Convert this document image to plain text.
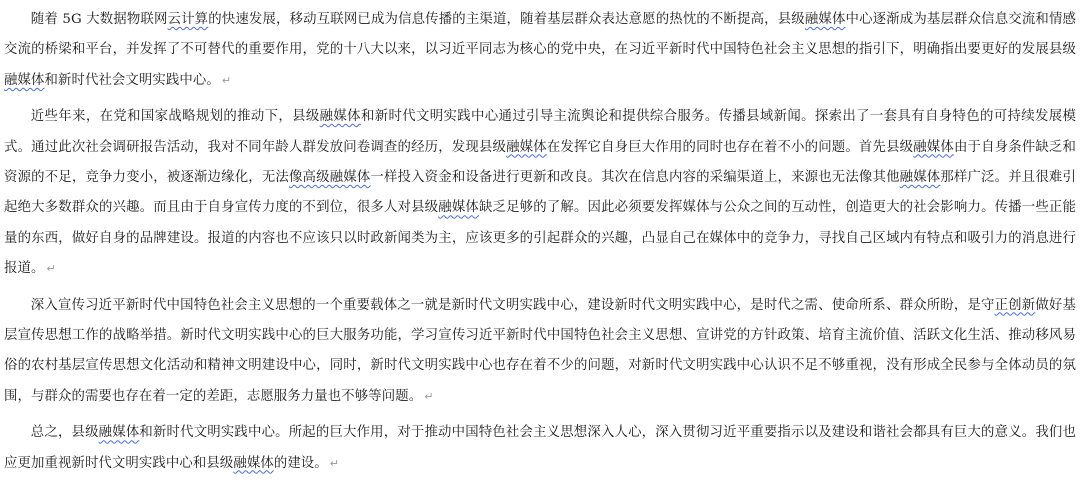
随着 5G 大数据物联网云计算的快速发展，移动互联网已成为信息传播的主渠道，随着基层群众表达意愿的热忱的不断提高，县级融媒体中心逐渐成为基层群众信息交流和情感交流的桥梁和平台，并发挥了不可替代的重要作用，党的十八大以来，以习近平同志为核心的党中央，在习近平新时代中国特色社会主义思想的指引下，明确指出要更好的发展县级融媒体和新时代社会文明实践中心。 ↵

近些年来，在党和国家战略规划的推动下，县级融媒体和新时代文明实践中心通过引导主流舆论和提供综合服务。传播县域新闻。探索出了一套具有自身特色的可持续发展模式。通过此次社会调研报告活动，我对不同年龄人群发放问卷调查的经历，发现县级融媒体在发挥它自身巨大作用的同时也存在着不小的问题。首先县级融媒体由于自身条件缺乏和资源的不足，竞争力变小，被逐渐边缘化，无法像高级融媒体一样投入资金和设备进行更新和改良。其次在信息内容的采编渠道上，来源也无法像其他融媒体那样广泛。并且很难引起绝大多数群众的兴趣。而且由于自身宣传力度的不到位，很多人对县级融媒体缺乏足够的了解。因此必须要发挥媒体与公众之间的互动性，创造更大的社会影响力。传播一些正能量的东西，做好自身的品牌建设。报道的内容也不应该只以时政新闻类为主，应该更多的引起群众的兴趣，凸显自己在媒体中的竞争力，寻找自己区域内有特点和吸引力的消息进行报道。 ↵

深入宣传习近平新时代中国特色社会主义思想的一个重要载体之一就是新时代文明实践中心，建设新时代文明实践中心，是时代之需、使命所系、群众所盼，是守正创新做好基层宣传思想工作的战略举措。新时代文明实践中心的巨大服务功能，学习宣传习近平新时代中国特色社会主义思想、宣讲党的方针政策、培育主流价值、活跃文化生活、推动移风易俗的农村基层宣传思想文化活动和精神文明建设中心，同时，新时代文明实践中心也存在着不少的问题，对新时代文明实践中心认识不足不够重视，没有形成全民参与全体动员的氛围，与群众的需要也存在着一定的差距，志愿服务力量也不够等问题。 ↵

总之，县级融媒体和新时代文明实践中心。所起的巨大作用，对于推动中国特色社会主义思想深入人心，深入贯彻习近平重要指示以及建设和谐社会都具有巨大的意义。我们也应更加重视新时代文明实践中心和县级融媒体的建设。 ↵
